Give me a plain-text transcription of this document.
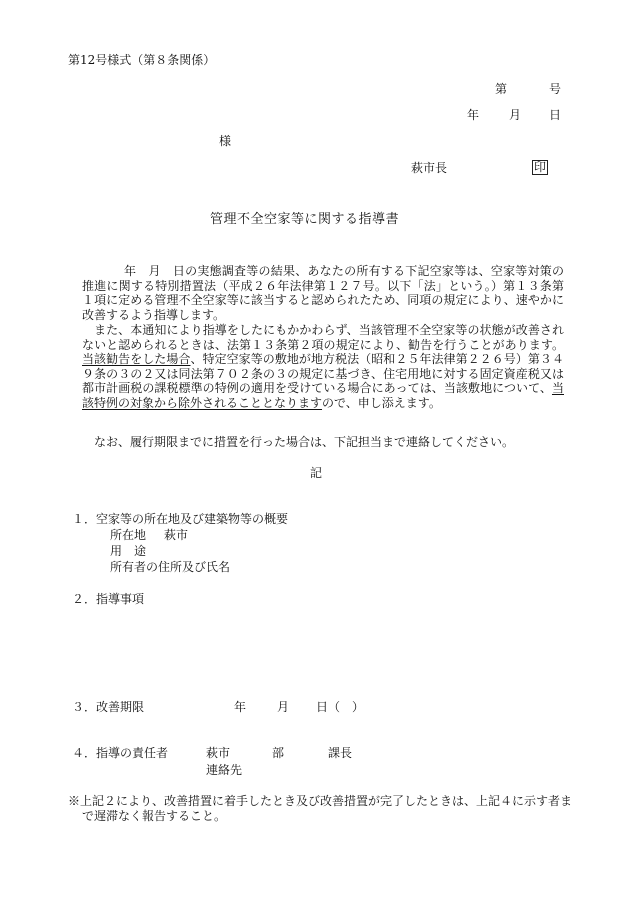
第12号様式（第８条関係）
第	号
年 月 日
様
萩市長	印
管理不全空家等に関する指導書
年　月　日の実態調査等の結果、あなたの所有する下記空家等は、空家等対策の推進に関する特別措置法（平成２６年法律第１２７号。以下「法」という。）第１３条第１項に定める管理不全空家等に該当すると認められたため、同項の規定により、速やかに改善するよう指導します。
また、本通知により指導をしたにもかかわらず、当該管理不全空家等の状態が改善されないと認められるときは、法第１３条第２項の規定により、勧告を行うことがあります。当該勧告をした場合、特定空家等の敷地が地方税法（昭和２５年法律第２２６号）第３４９条の３の２又は同法第７０２条の３の規定に基づき、住宅用地に対する固定資産税又は都市計画税の課税標準の特例の適用を受けている場合にあっては、当該敷地について、当該特例の対象から除外されることとなりますので、申し添えます。
なお、履行期限までに措置を行った場合は、下記担当まで連絡してください。
記
１．空家等の所在地及び建築物等の概要
所在地 萩市
用　途
所有者の住所及び氏名
２．指導事項
３．改善期限	年	月 日（　）
４．指導の責任者	萩市	部	課長
連絡先
※上記２により、改善措置に着手したとき及び改善措置が完了したときは、上記４に示す者まで遅滞なく報告すること。
